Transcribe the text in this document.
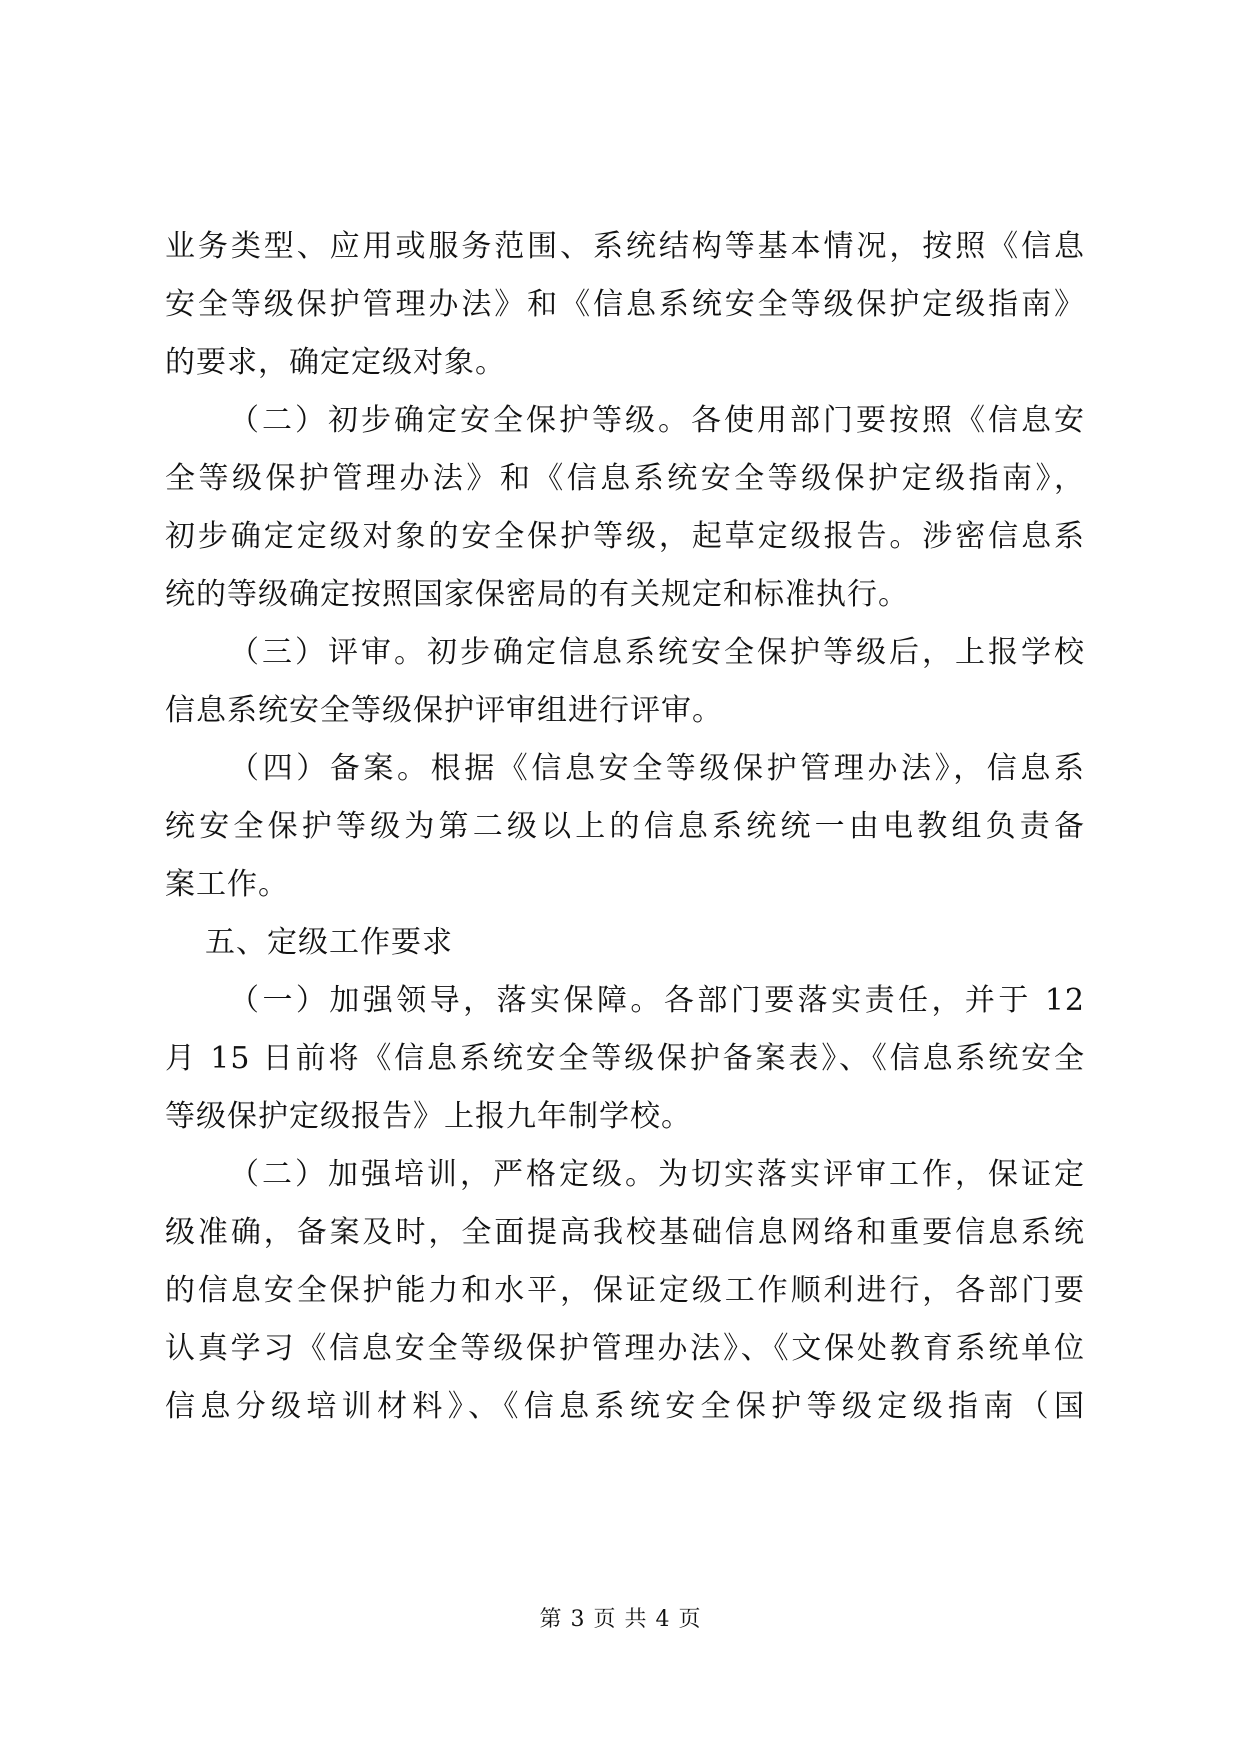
业务类型、应用或服务范围、系统结构等基本情况，按照《信息
安全等级保护管理办法》和《信息系统安全等级保护定级指南》
的要求，确定定级对象。
（二）初步确定安全保护等级。各使用部门要按照《信息安
全等级保护管理办法》和《信息系统安全等级保护定级指南》，
初步确定定级对象的安全保护等级，起草定级报告。涉密信息系
统的等级确定按照国家保密局的有关规定和标准执行。
（三）评审。初步确定信息系统安全保护等级后，上报学校
信息系统安全等级保护评审组进行评审。
（四）备案。根据《信息安全等级保护管理办法》，信息系
统安全保护等级为第二级以上的信息系统统一由电教组负责备
案工作。
五、定级工作要求
（一）加强领导，落实保障。各部门要落实责任，并于 12
月 15 日前将《信息系统安全等级保护备案表》、《信息系统安全
等级保护定级报告》上报九年制学校。
（二）加强培训，严格定级。为切实落实评审工作，保证定
级准确，备案及时，全面提高我校基础信息网络和重要信息系统
的信息安全保护能力和水平，保证定级工作顺利进行，各部门要
认真学习《信息安全等级保护管理办法》、《文保处教育系统单位
信息分级培训材料》、《信息系统安全保护等级定级指南（国
第 3 页 共 4 页
